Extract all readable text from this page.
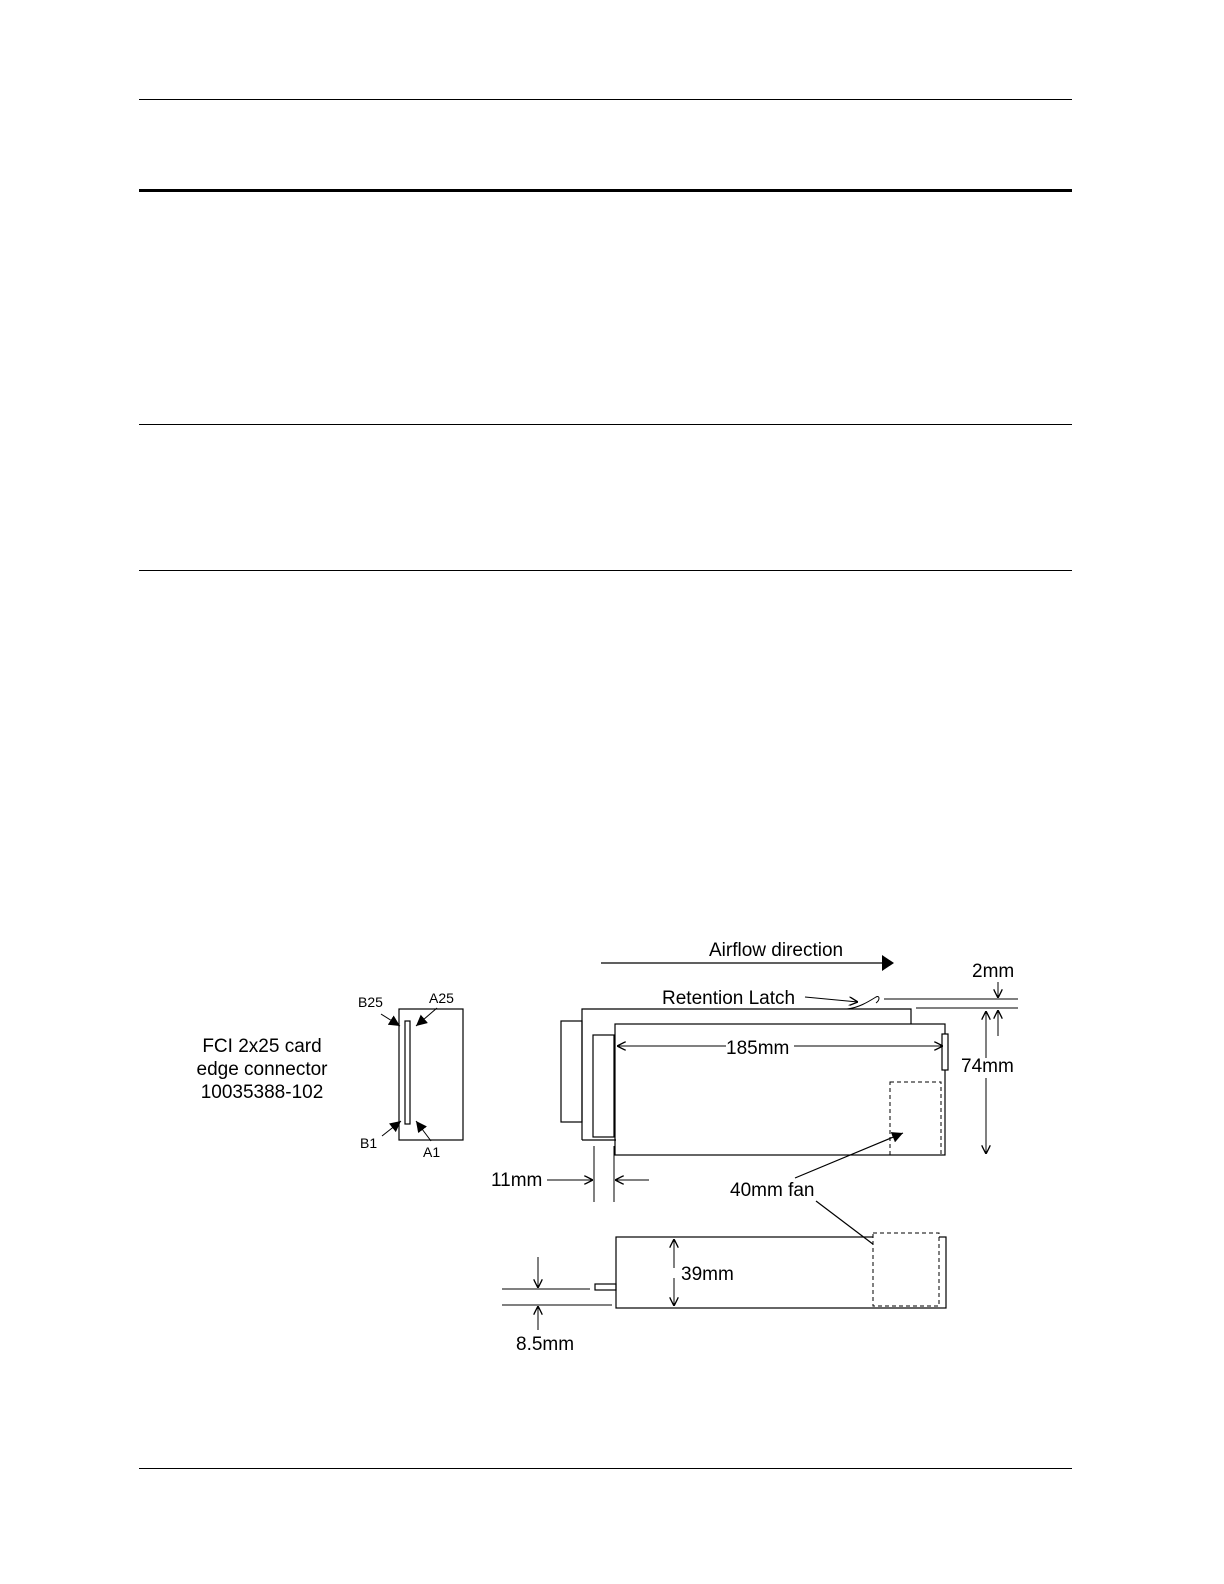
FCI 2x25 card
edge connector
10035388-102
B25	A25
B1
A1
Airflow direction
Retention Latch
185mm
2mm
74mm
11mm	40mm fan
39mm
8.5mm
